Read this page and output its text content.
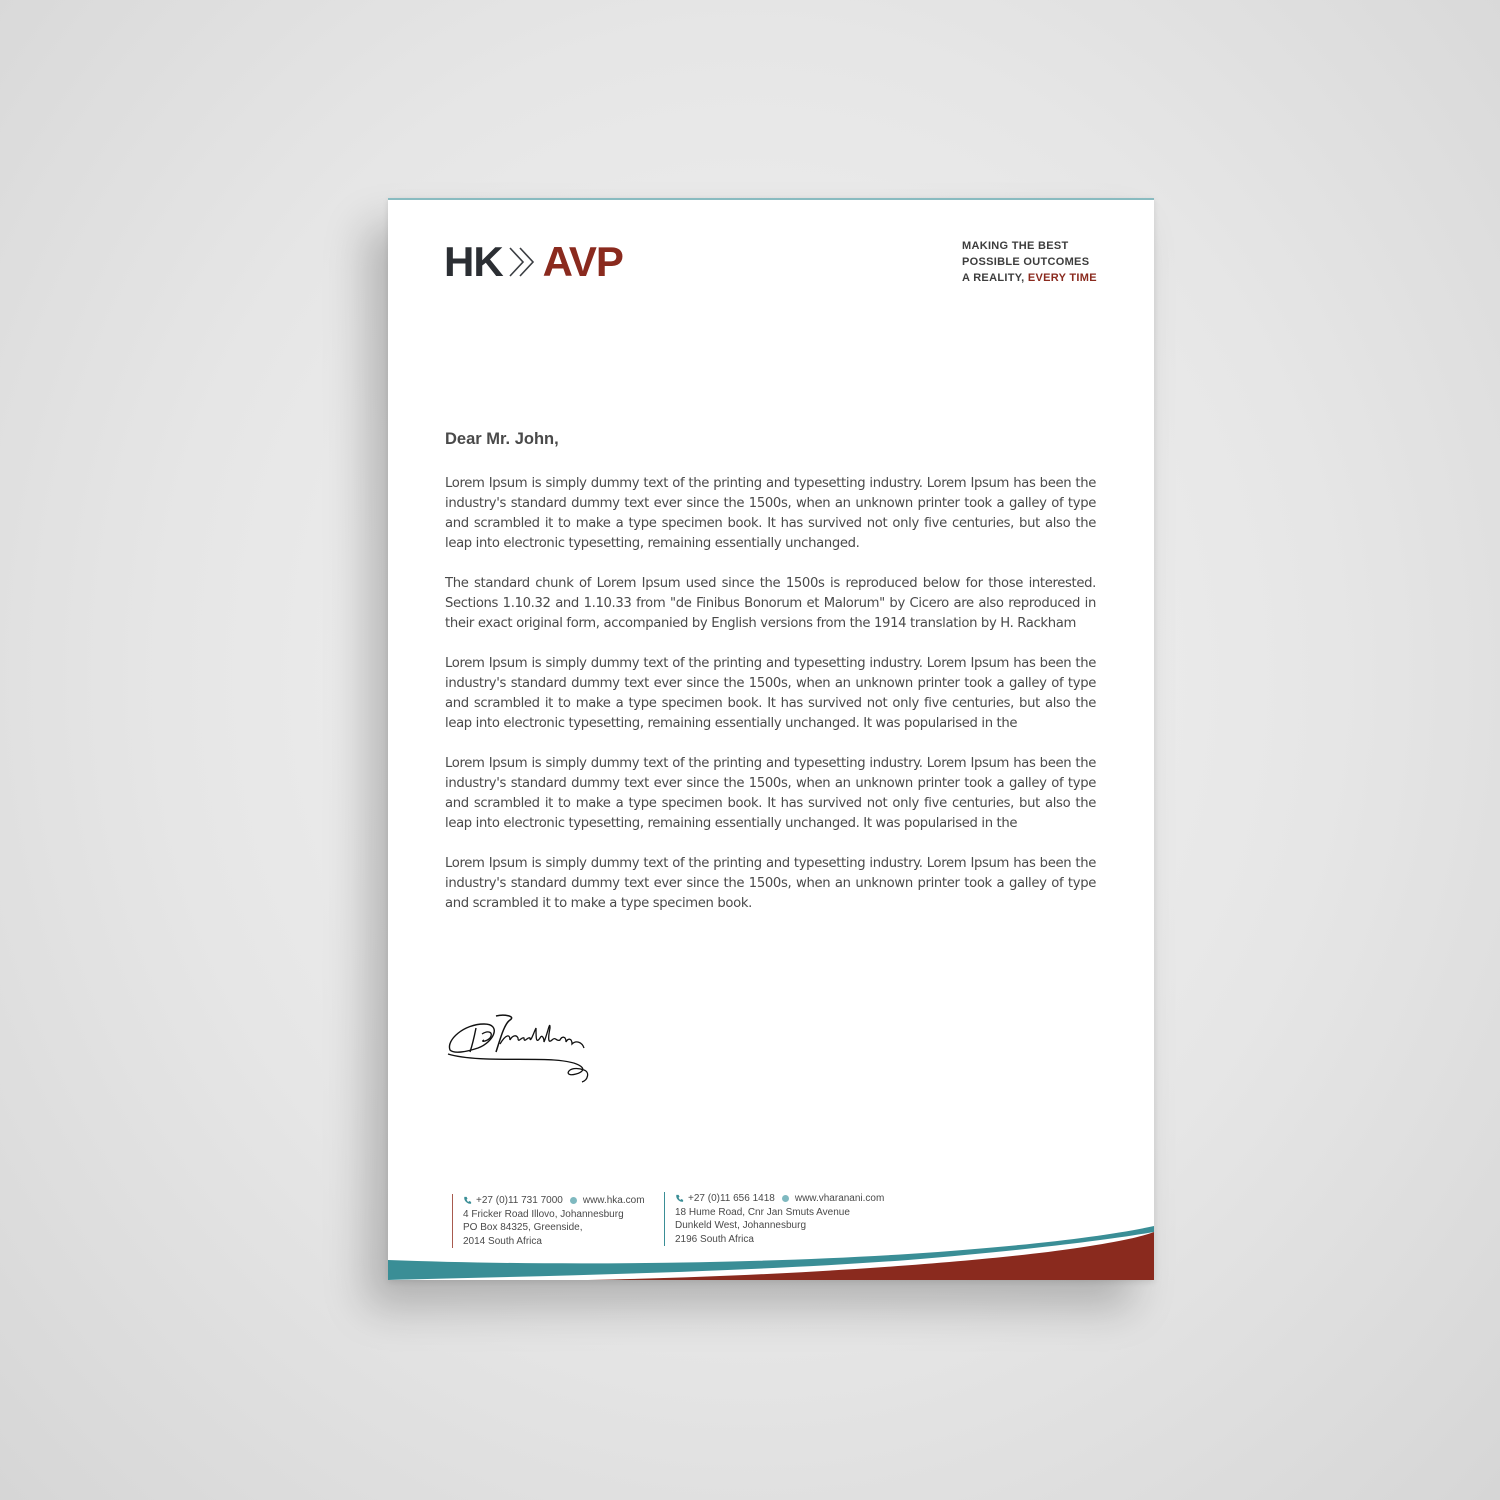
HK AVP	MAKING THE BEST
POSSIBLE OUTCOMES
A REALITY, EVERY TIME
Dear Mr. John,

Lorem Ipsum is simply dummy text of the printing and typesetting industry. Lorem Ipsum has been the industry's standard dummy text ever since the 1500s, when an unknown printer took a galley of type and scrambled it to make a type specimen book. It has survived not only five centuries, but also the leap into electronic typesetting, remaining essentially unchanged.

The standard chunk of Lorem Ipsum used since the 1500s is reproduced below for those interested. Sections 1.10.32 and 1.10.33 from "de Finibus Bonorum et Malorum" by Cicero are also reproduced in their exact original form, accompanied by English versions from the 1914 translation by H. Rackham

Lorem Ipsum is simply dummy text of the printing and typesetting industry. Lorem Ipsum has been the industry's standard dummy text ever since the 1500s, when an unknown printer took a galley of type and scrambled it to make a type specimen book. It has survived not only five centuries, but also the leap into electronic typesetting, remaining essentially unchanged. It was popularised in the

Lorem Ipsum is simply dummy text of the printing and typesetting industry. Lorem Ipsum has been the industry's standard dummy text ever since the 1500s, when an unknown printer took a galley of type and scrambled it to make a type specimen book. It has survived not only five centuries, but also the leap into electronic typesetting, remaining essentially unchanged. It was popularised in the

Lorem Ipsum is simply dummy text of the printing and typesetting industry. Lorem Ipsum has been the industry's standard dummy text ever since the 1500s, when an unknown printer took a galley of type and scrambled it to make a type specimen book.

+27 (0)11 731 7000 www.hka.com
4 Fricker Road Illovo, Johannesburg
PO Box 84325, Greenside,
2014 South Africa
+27 (0)11 656 1418 www.vharanani.com
18 Hume Road, Cnr Jan Smuts Avenue
Dunkeld West, Johannesburg
2196 South Africa
